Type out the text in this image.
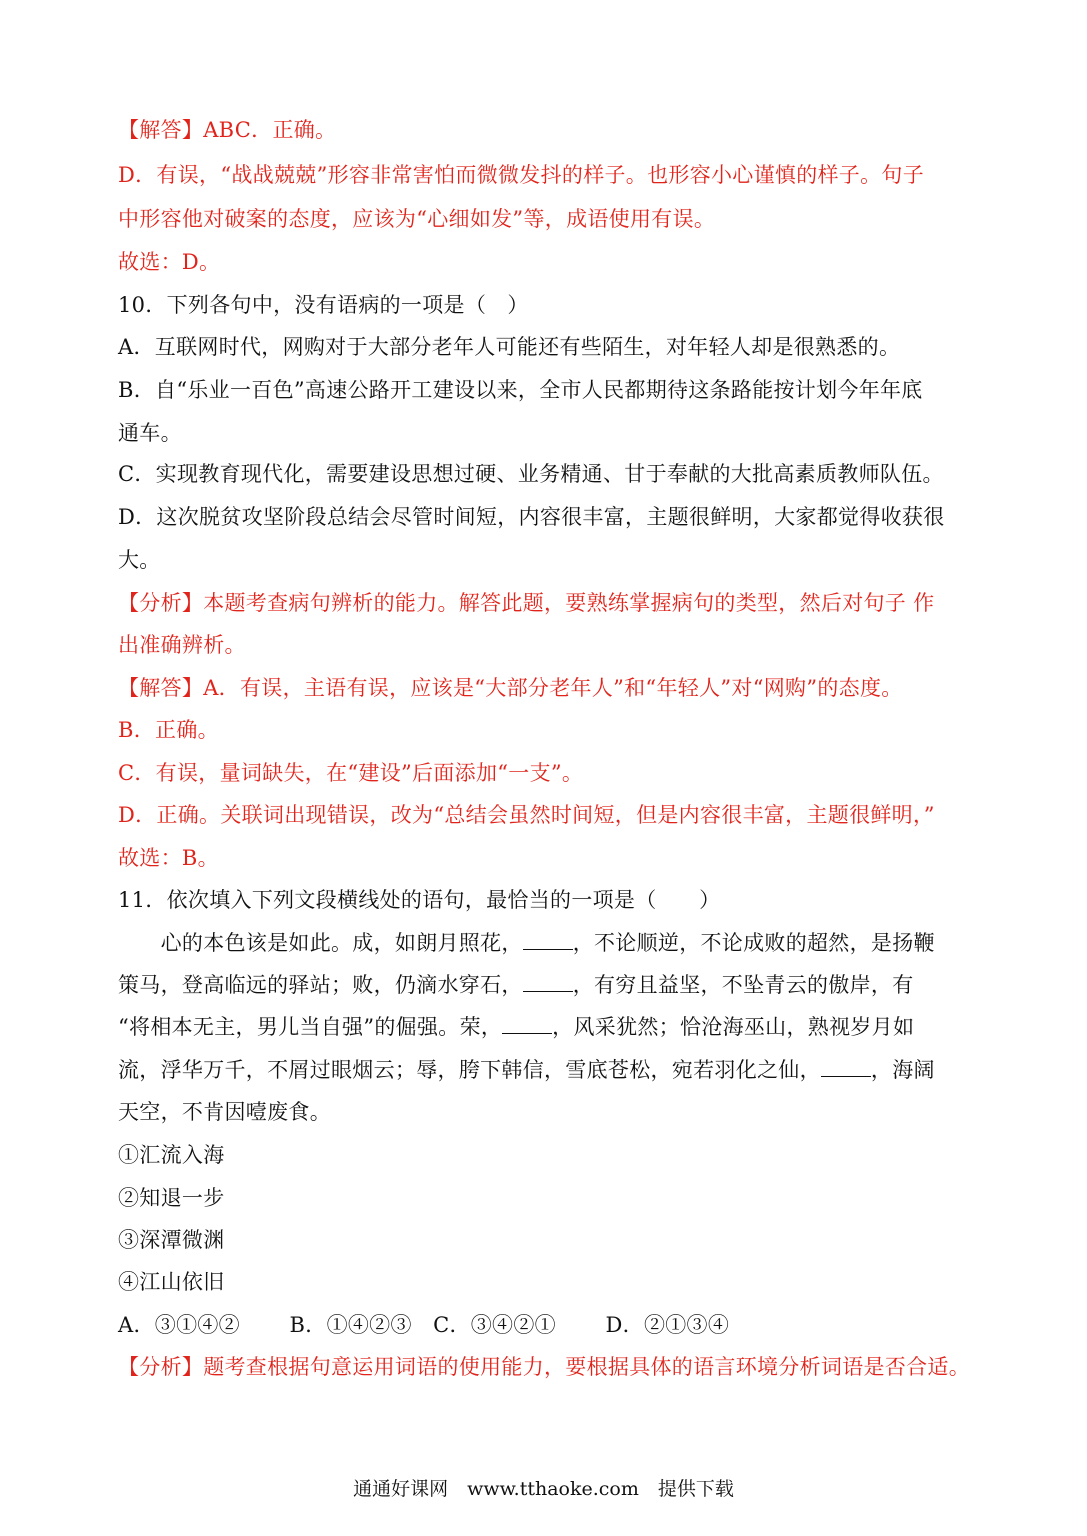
【解答】ABC．正确。
D．有误，“战战兢兢”形容非常害怕而微微发抖的样子。也形容小心谨慎的样子。句子
中形容他对破案的态度，应该为“心细如发”等，成语使用有误。
故选：D。
10．下列各句中，没有语病的一项是（　）
A．互联网时代，网购对于大部分老年人可能还有些陌生，对年轻人却是很熟悉的。
B．自“乐业一百色”高速公路开工建设以来，全市人民都期待这条路能按计划今年年底
通车。
C．实现教育现代化，需要建设思想过硬、业务精通、甘于奉献的大批高素质教师队伍。
D．这次脱贫攻坚阶段总结会尽管时间短，内容很丰富，主题很鲜明，大家都觉得收获很
大。
【分析】本题考查病句辨析的能力。解答此题，要熟练掌握病句的类型，然后对句子 作
出准确辨析。
【解答】A．有误，主语有误，应该是“大部分老年人”和“年轻人”对“网购”的态度。
B．正确。
C．有误，量词缺失，在“建设”后面添加“一支”。
D．正确。关联词出现错误，改为“总结会虽然时间短，但是内容很丰富，主题很鲜明，”
故选：B。
11．依次填入下列文段横线处的语句，最恰当的一项是（　　）
　　心的本色该是如此。成，如朗月照花， ，不论顺逆，不论成败的超然，是扬鞭
策马，登高临远的驿站；败，仍滴水穿石， ，有穷且益坚，不坠青云的傲岸，有
“将相本无主，男儿当自强”的倔强。荣， ，风采犹然；恰沧海巫山，熟视岁月如
流，浮华万千，不屑过眼烟云；辱，胯下韩信，雪底苍松，宛若羽化之仙， ，海阔
天空，不肯因噎废食。
①汇流入海
②知退一步
③深潭微渊
④江山依旧
A．③①④②　　 B．①④②③　C．③④②①　　 D．②①③④
【分析】题考查根据句意运用词语的使用能力，要根据具体的语言环境分析词语是否合适。
通通好课网　www.tthaoke.com　提供下载
